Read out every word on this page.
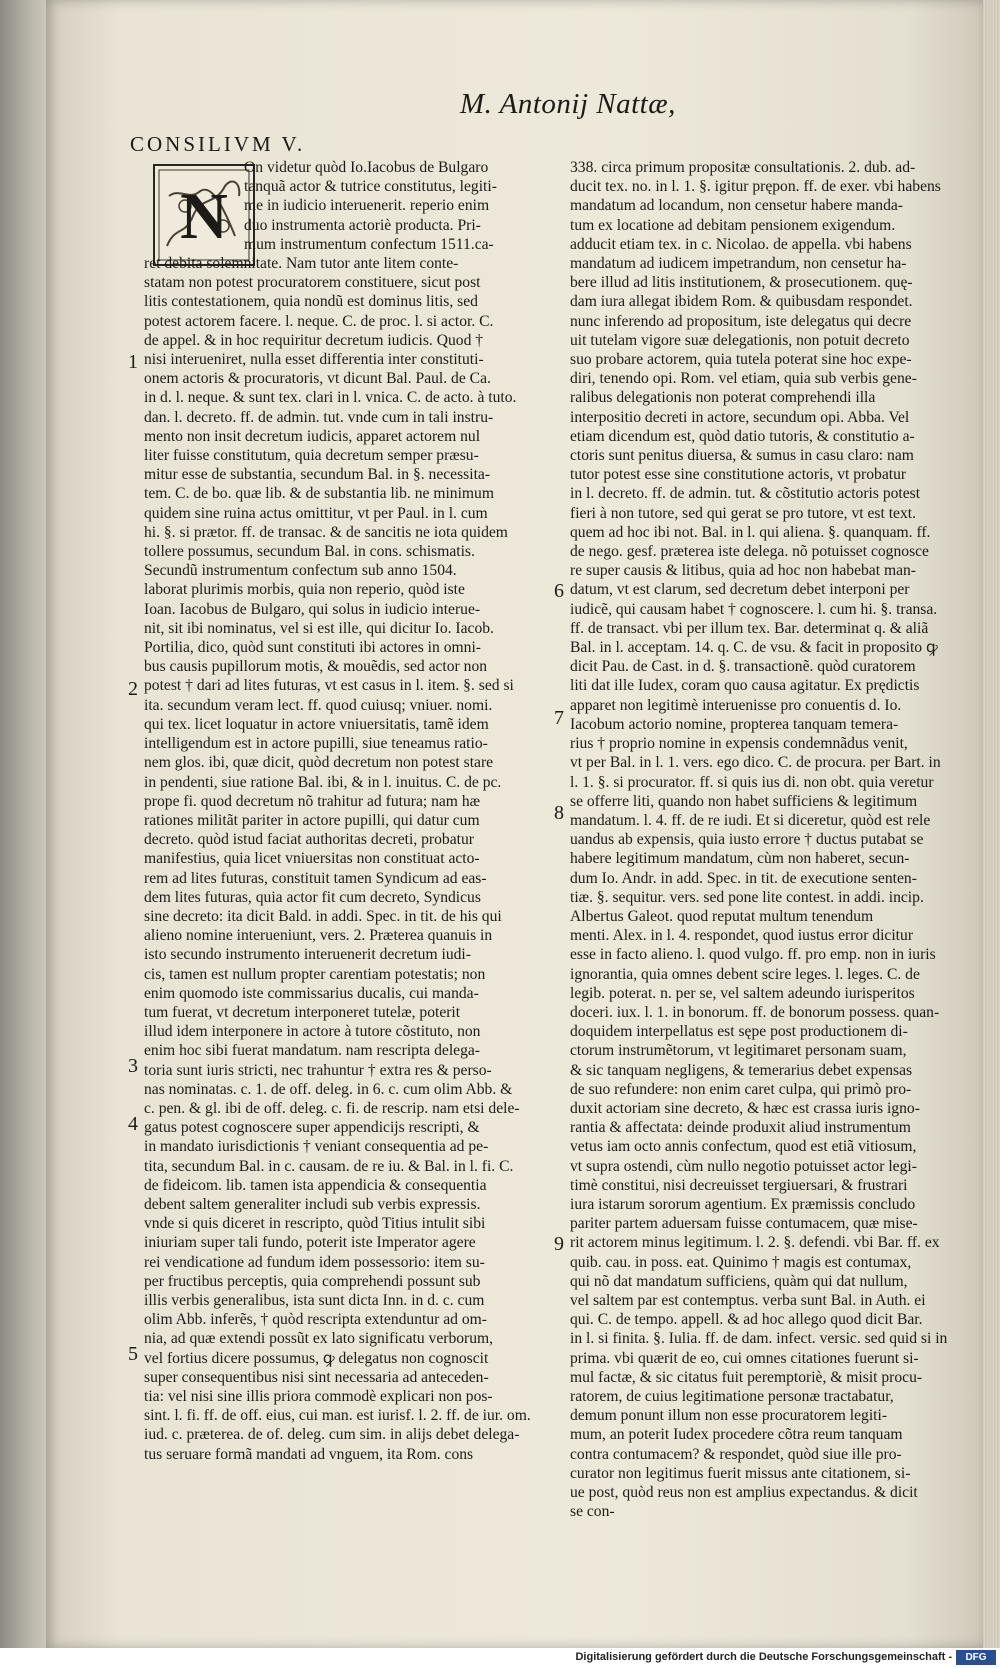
M. Antonij Nattæ,
CONSILIVM V.
N

On videtur quòd Io.Iacobus de Bulgaro

tanquã actor & tutrice constitutus, legiti-

me in iudicio interuenerit. reperio enim

duo instrumenta actoriè producta. Pri-

mum instrumentum confectum 1511.ca-

ret debita solemnitate. Nam tutor ante litem conte-

statam non potest procuratorem constituere, sicut post

litis contestationem, quia nondũ est dominus litis, sed

potest actorem facere. l. neque. C. de proc. l. si actor. C.

de appel. & in hoc requiritur decretum iudicis. Quod †

nisi interueniret, nulla esset differentia inter constituti-

onem actoris & procuratoris, vt dicunt Bal. Paul. de Ca.

in d. l. neque. & sunt tex. clari in l. vnica. C. de acto. à tuto.

dan. l. decreto. ff. de admin. tut. vnde cum in tali instru-

mento non insit decretum iudicis, apparet actorem nul

liter fuisse constitutum, quia decretum semper præsu-

mitur esse de substantia, secundum Bal. in §. necessita-

tem. C. de bo. quæ lib. & de substantia lib. ne minimum

quidem sine ruina actus omittitur, vt per Paul. in l. cum

hi. §. si prætor. ff. de transac. & de sancitis ne iota quidem

tollere possumus, secundum Bal. in cons. schismatis.

Secundũ instrumentum confectum sub anno 1504.

laborat plurimis morbis, quia non reperio, quòd iste

Ioan. Iacobus de Bulgaro, qui solus in iudicio interue-

nit, sit ibi nominatus, vel si est ille, qui dicitur Io. Iacob.

Portilia, dico, quòd sunt constituti ibi actores in omni-

bus causis pupillorum motis, & mouẽdis, sed actor non

potest † dari ad lites futuras, vt est casus in l. item. §. sed si

ita. secundum veram lect. ff. quod cuiusq; vniuer. nomi.

qui tex. licet loquatur in actore vniuersitatis, tamẽ idem

intelligendum est in actore pupilli, siue teneamus ratio-

nem glos. ibi, quæ dicit, quòd decretum non potest stare

in pendenti, siue ratione Bal. ibi, & in l. inuitus. C. de pc.

prope fi. quod decretum nõ trahitur ad futura; nam hæ

rationes militãt pariter in actore pupilli, qui datur cum

decreto. quòd istud faciat authoritas decreti, probatur

manifestius, quia licet vniuersitas non constituat acto-

rem ad lites futuras, constituit tamen Syndicum ad eas-

dem lites futuras, quia actor fit cum decreto, Syndicus

sine decreto: ita dicit Bald. in addi. Spec. in tit. de his qui

alieno nomine interueniunt, vers. 2. Præterea quanuis in

isto secundo instrumento interuenerit decretum iudi-

cis, tamen est nullum propter carentiam potestatis; non

enim quomodo iste commissarius ducalis, cui manda-

tum fuerat, vt decretum interponeret tutelæ, poterit

illud idem interponere in actore à tutore cõstituto, non

enim hoc sibi fuerat mandatum. nam rescripta delega-

toria sunt iuris stricti, nec trahuntur † extra res & perso-

nas nominatas. c. 1. de off. deleg. in 6. c. cum olim Abb. &

c. pen. & gl. ibi de off. deleg. c. fi. de rescrip. nam etsi dele-

gatus potest cognoscere super appendicijs rescripti, &

in mandato iurisdictionis † veniant consequentia ad pe-

tita, secundum Bal. in c. causam. de re iu. & Bal. in l. fi. C.

de fideicom. lib. tamen ista appendicia & consequentia

debent saltem generaliter includi sub verbis expressis.

vnde si quis diceret in rescripto, quòd Titius intulit sibi

iniuriam super tali fundo, poterit iste Imperator agere

rei vendicatione ad fundum idem possessorio: item su-

per fructibus perceptis, quia comprehendi possunt sub

illis verbis generalibus, ista sunt dicta Inn. in d. c. cum

olim Abb. inferẽs, † quòd rescripta extenduntur ad om-

nia, ad quæ extendi possũt ex lato significatu verborum,

vel fortius dicere possumus, ꝙ delegatus non cognoscit

super consequentibus nisi sint necessaria ad anteceden-

tia: vel nisi sine illis priora commodè explicari non pos-

sint. l. fi. ff. de off. eius, cui man. est iurisf. l. 2. ff. de iur. om.

iud. c. præterea. de of. deleg. cum sim. in alijs debet delega-

tus seruare formã mandati ad vnguem, ita Rom. cons

338. circa primum propositæ consultationis. 2. dub. ad-

ducit tex. no. in l. 1. §. igitur prępon. ff. de exer. vbi habens

mandatum ad locandum, non censetur habere manda-

tum ex locatione ad debitam pensionem exigendum.

adducit etiam tex. in c. Nicolao. de appella. vbi habens

mandatum ad iudicem impetrandum, non censetur ha-

bere illud ad litis institutionem, & prosecutionem. quę-

dam iura allegat ibidem Rom. & quibusdam respondet.

nunc inferendo ad propositum, iste delegatus qui decre

uit tutelam vigore suæ delegationis, non potuit decreto

suo probare actorem, quia tutela poterat sine hoc expe-

diri, tenendo opi. Rom. vel etiam, quia sub verbis gene-

ralibus delegationis non poterat comprehendi illa

interpositio decreti in actore, secundum opi. Abba. Vel

etiam dicendum est, quòd datio tutoris, & constitutio a-

ctoris sunt penitus diuersa, & sumus in casu claro: nam

tutor potest esse sine constitutione actoris, vt probatur

in l. decreto. ff. de admin. tut. & cõstitutio actoris potest

fieri à non tutore, sed qui gerat se pro tutore, vt est text.

quem ad hoc ibi not. Bal. in l. qui aliena. §. quanquam. ff.

de nego. gesf. præterea iste delega. nõ potuisset cognosce

re super causis & litibus, quia ad hoc non habebat man-

datum, vt est clarum, sed decretum debet interponi per

iudicẽ, qui causam habet † cognoscere. l. cum hi. §. transa.

ff. de transact. vbi per illum tex. Bar. determinat q. & aliã

Bal. in l. acceptam. 14. q. C. de vsu. & facit in proposito ꝙ

dicit Pau. de Cast. in d. §. transactionẽ. quòd curatorem

liti dat ille Iudex, coram quo causa agitatur. Ex prędictis

apparet non legitimè interuenisse pro conuentis d. Io.

Iacobum actorio nomine, propterea tanquam temera-

rius † proprio nomine in expensis condemnãdus venit,

vt per Bal. in l. 1. vers. ego dico. C. de procura. per Bart. in

l. 1. §. si procurator. ff. si quis ius di. non obt. quia veretur

se offerre liti, quando non habet sufficiens & legitimum

mandatum. l. 4. ff. de re iudi. Et si diceretur, quòd est rele

uandus ab expensis, quia iusto errore † ductus putabat se

habere legitimum mandatum, cùm non haberet, secun-

dum Io. Andr. in add. Spec. in tit. de executione senten-

tiæ. §. sequitur. vers. sed pone lite contest. in addi. incip.

Albertus Galeot. quod reputat multum tenendum

menti. Alex. in l. 4. respondet, quod iustus error dicitur

esse in facto alieno. l. quod vulgo. ff. pro emp. non in iuris

ignorantia, quia omnes debent scire leges. l. leges. C. de

legib. poterat. n. per se, vel saltem adeundo iurisperitos

doceri. iux. l. 1. in bonorum. ff. de bonorum possess. quan-

doquidem interpellatus est sępe post productionem di-

ctorum instrumẽtorum, vt legitimaret personam suam,

& sic tanquam negligens, & temerarius debet expensas

de suo refundere: non enim caret culpa, qui primò pro-

duxit actoriam sine decreto, & hæc est crassa iuris igno-

rantia & affectata: deinde produxit aliud instrumentum

vetus iam octo annis confectum, quod est etiã vitiosum,

vt supra ostendi, cùm nullo negotio potuisset actor legi-

timè constitui, nisi decreuisset tergiuersari, & frustrari

iura istarum sororum agentium. Ex præmissis concludo

pariter partem aduersam fuisse contumacem, quæ mise-

rit actorem minus legitimum. l. 2. §. defendi. vbi Bar. ff. ex

quib. cau. in poss. eat. Quinimo † magis est contumax,

qui nõ dat mandatum sufficiens, quàm qui dat nullum,

vel saltem par est contemptus. verba sunt Bal. in Auth. ei

qui. C. de tempo. appell. & ad hoc allego quod dicit Bar.

in l. si finita. §. Iulia. ff. de dam. infect. versic. sed quid si in

prima. vbi quærit de eo, cui omnes citationes fuerunt si-

mul factæ, & sic citatus fuit peremptoriè, & misit procu-

ratorem, de cuius legitimatione personæ tractabatur,

demum ponunt illum non esse procuratorem legiti-

mum, an poterit Iudex procedere cõtra reum tanquam

contra contumacem? & respondet, quòd siue ille pro-

curator non legitimus fuerit missus ante citationem, si-

ue post, quòd reus non est amplius expectandus. & dicit

se con-

1
2
3
4
5
6
7
8
9
Digitalisierung gefördert durch die Deutsche Forschungsgemeinschaft -	DFG
